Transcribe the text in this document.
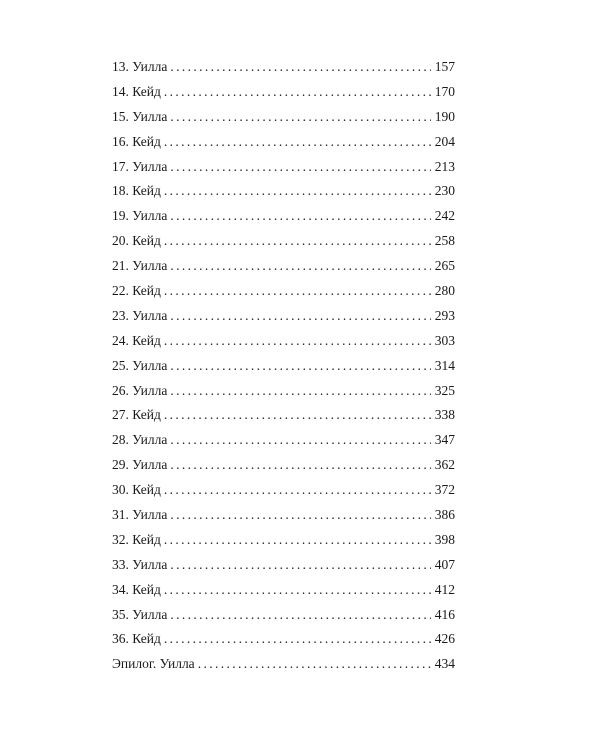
13. Уилла . . .	157
14. Кейд . . .	170
15. Уилла . . .	190
16. Кейд . . .	204
17. Уилла . . .	213
18. Кейд . . .	230
19. Уилла . . .	242
20. Кейд . . .	258
21. Уилла . . .	265
22. Кейд . . .	280
23. Уилла . . .	293
24. Кейд . . .	303
25. Уилла . . .	314
26. Уилла . . .	325
27. Кейд . . .	338
28. Уилла . . .	347
29. Уилла . . .	362
30. Кейд . . .	372
31. Уилла . . .	386
32. Кейд . . .	398
33. Уилла . . .	407
34. Кейд . . .	412
35. Уилла . . .	416
36. Кейд . . .	426
Эпилог. Уилла . . .	434
